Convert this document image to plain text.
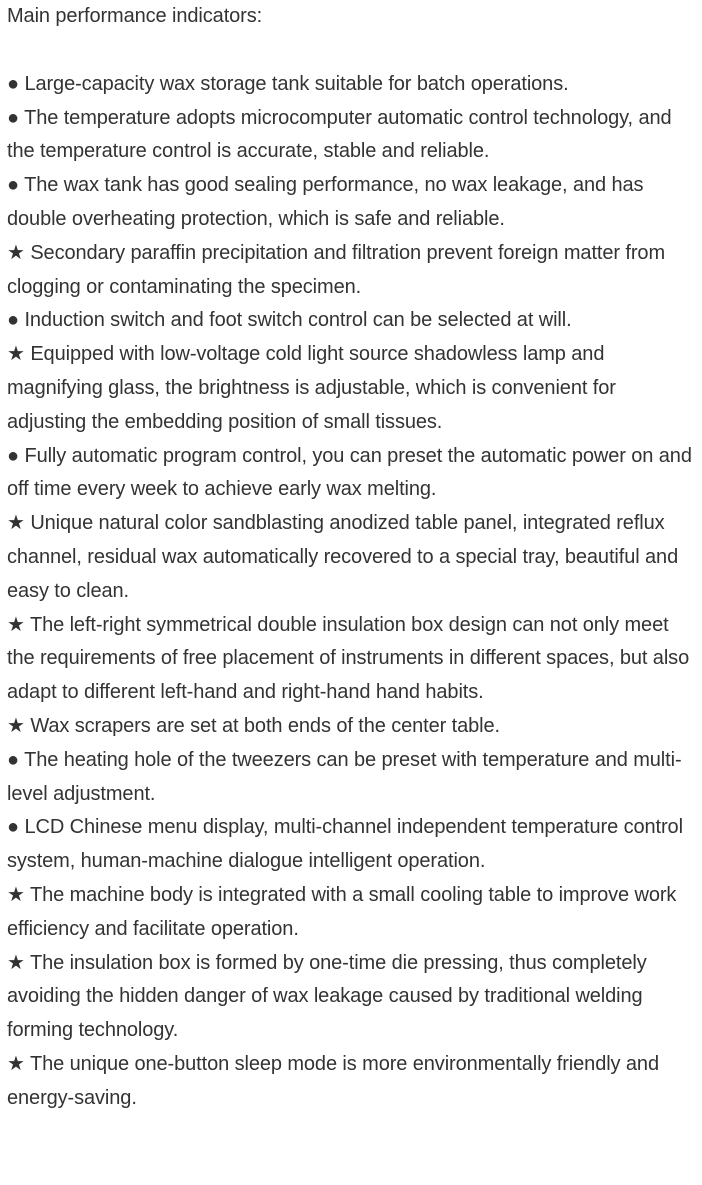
Main performance indicators:

● Large-capacity wax storage tank suitable for batch operations.

● The temperature adopts microcomputer automatic control technology, and the temperature control is accurate, stable and reliable.

● The wax tank has good sealing performance, no wax leakage, and has double overheating protection, which is safe and reliable.

★ Secondary paraffin precipitation and filtration prevent foreign matter from clogging or contaminating the specimen.

● Induction switch and foot switch control can be selected at will.

★ Equipped with low-voltage cold light source shadowless lamp and magnifying glass, the brightness is adjustable, which is convenient for adjusting the embedding position of small tissues.

● Fully automatic program control, you can preset the automatic power on and off time every week to achieve early wax melting.

★ Unique natural color sandblasting anodized table panel, integrated reflux channel, residual wax automatically recovered to a special tray, beautiful and easy to clean.

★ The left-right symmetrical double insulation box design can not only meet the requirements of free placement of instruments in different spaces, but also adapt to different left-hand and right-hand hand habits.

★ Wax scrapers are set at both ends of the center table.

● The heating hole of the tweezers can be preset with temperature and multi-level adjustment.

● LCD Chinese menu display, multi-channel independent temperature control system, human-machine dialogue intelligent operation.

★ The machine body is integrated with a small cooling table to improve work efficiency and facilitate operation.

★ The insulation box is formed by one-time die pressing, thus completely avoiding the hidden danger of wax leakage caused by traditional welding forming technology.

★ The unique one-button sleep mode is more environmentally friendly and energy-saving.
